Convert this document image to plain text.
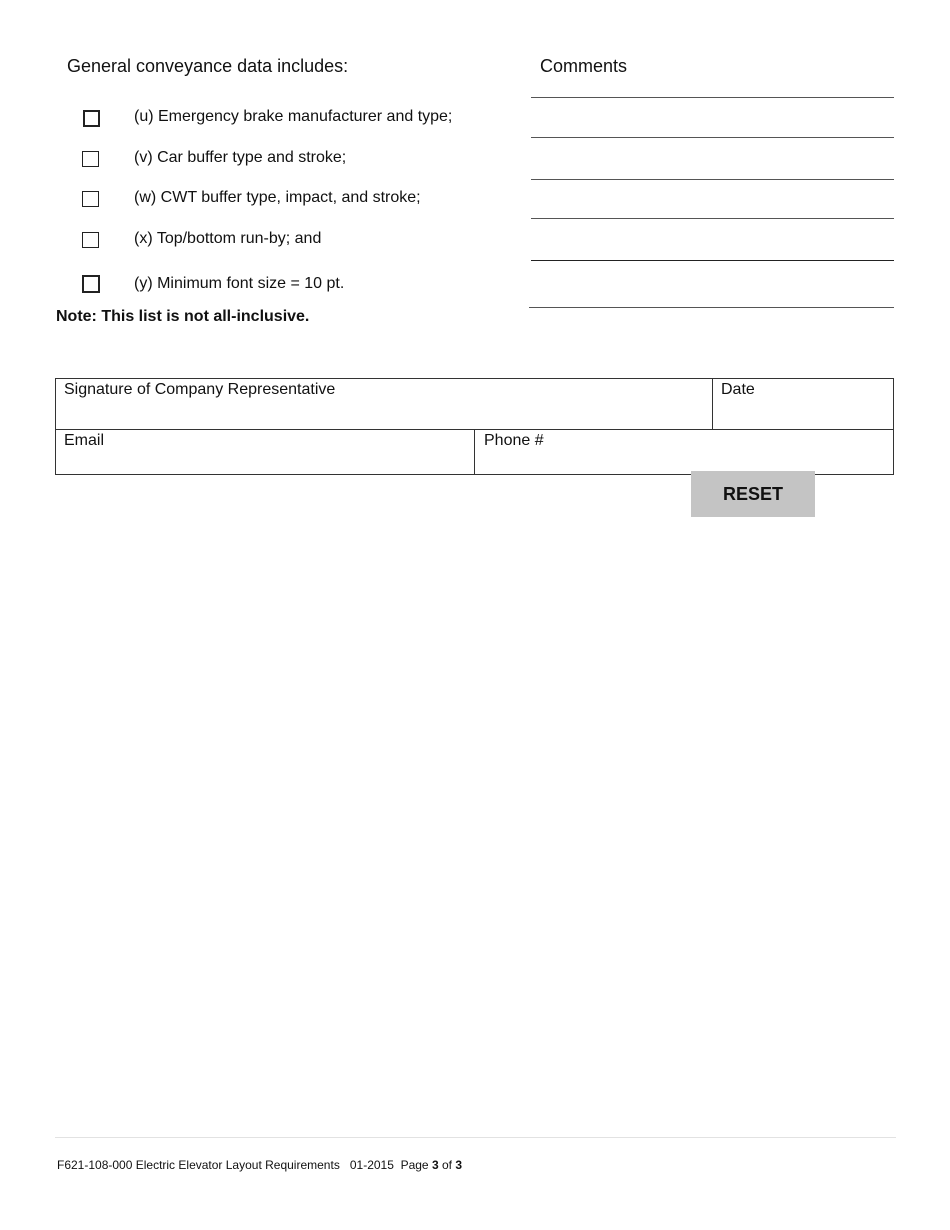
General conveyance data includes:	Comments
(u) Emergency brake manufacturer and type;
(v) Car buffer type and stroke;
(w) CWT buffer type, impact, and stroke;
(x) Top/bottom run-by; and
(y) Minimum font size = 10 pt.
Note: This list is not all-inclusive.
Signature of Company Representative	Date
Email	Phone #
RESET
F621-108-000 Electric Elevator Layout Requirements 01-2015 Page 3 of 3
